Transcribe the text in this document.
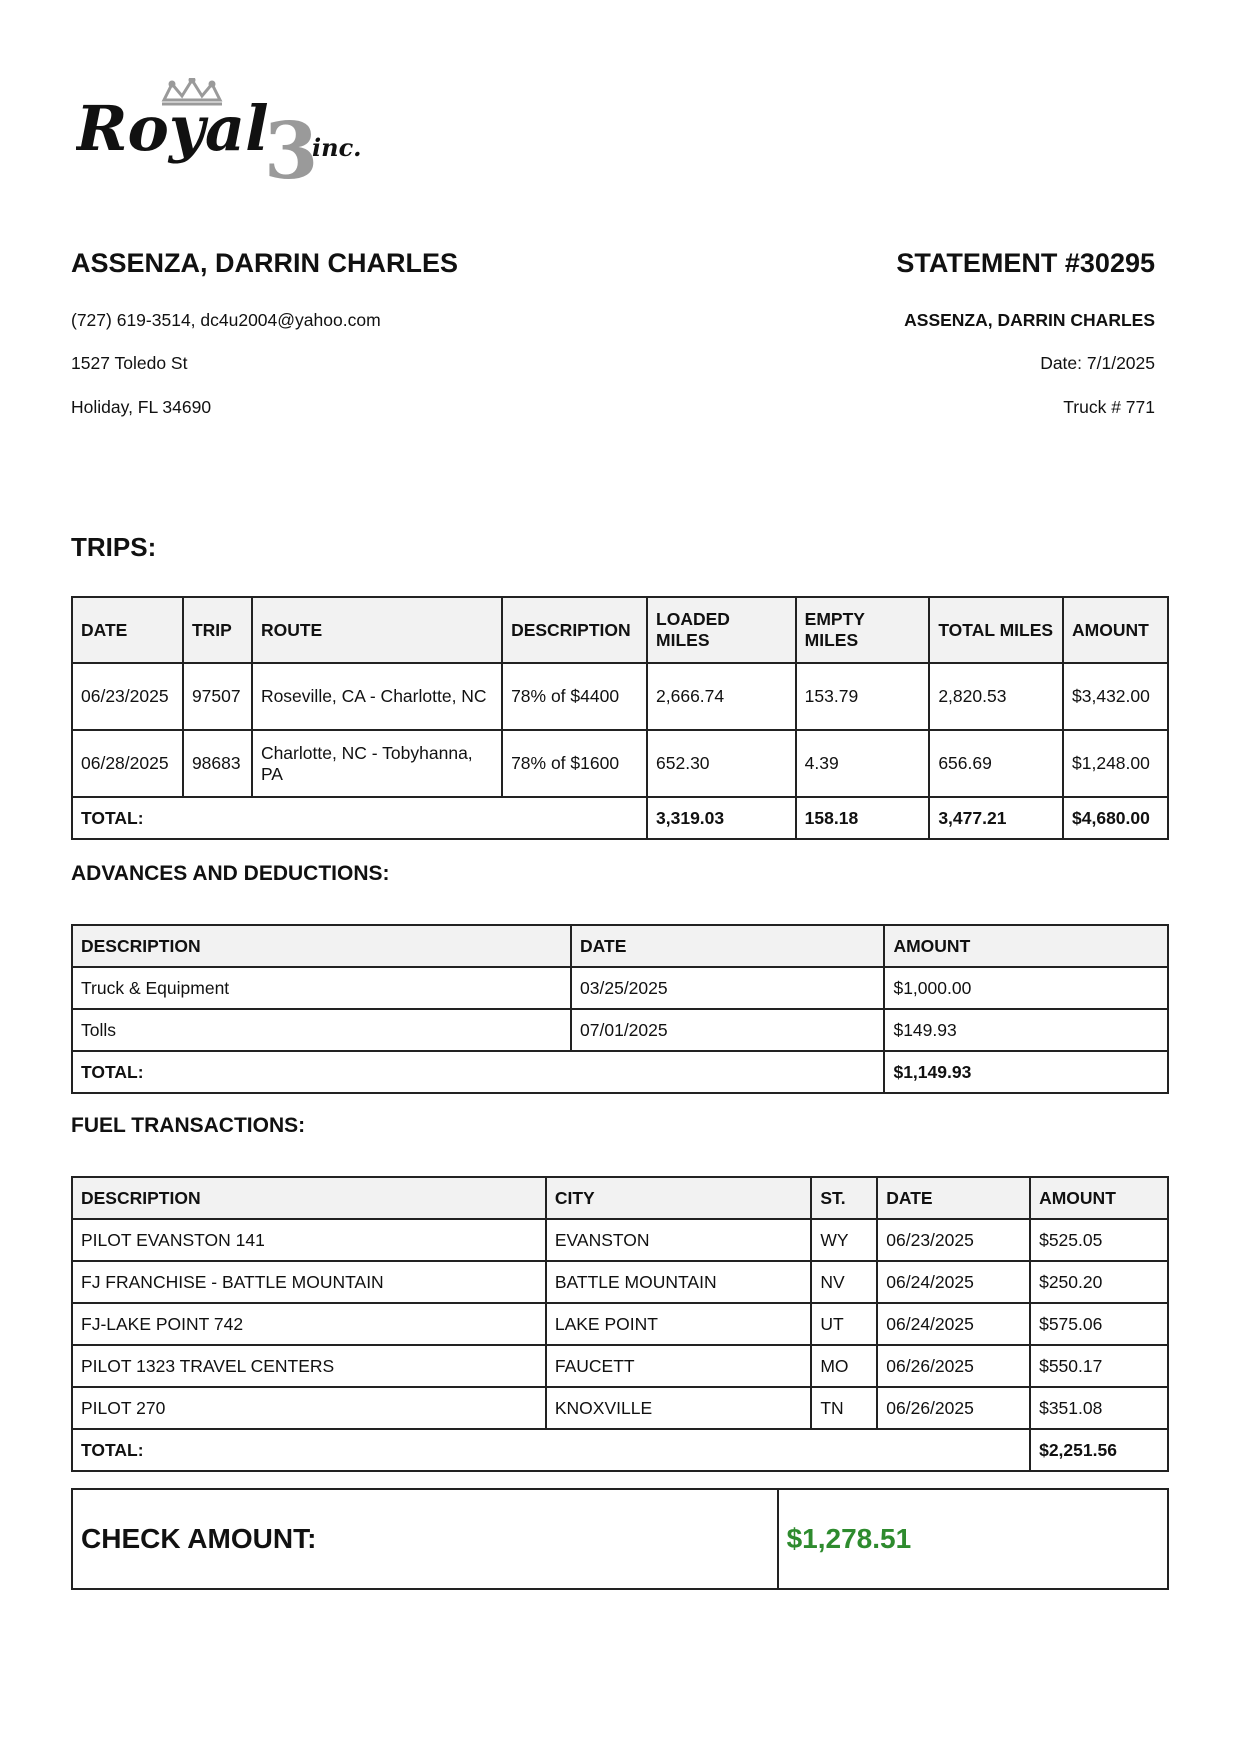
Royal
3
inc.
ASSENZA, DARRIN CHARLES	STATEMENT #30295
(727) 619-3514, dc4u2004@yahoo.com
1527 Toledo St
Holiday, FL 34690
ASSENZA, DARRIN CHARLES
Date: 7/1/2025
Truck # 771
TRIPS:
DATE	TRIP	ROUTE	DESCRIPTION	LOADED MILES	EMPTY MILES	TOTAL MILES	AMOUNT
06/23/2025	97507	Roseville, CA - Charlotte, NC	78% of $4400	2,666.74	153.79	2,820.53	$3,432.00
06/28/2025	98683	Charlotte, NC - Tobyhanna, PA	78% of $1600	652.30	4.39	656.69	$1,248.00
TOTAL:				3,319.03	158.18	3,477.21	$4,680.00
ADVANCES AND DEDUCTIONS:
DESCRIPTION	DATE	AMOUNT
Truck & Equipment	03/25/2025	$1,000.00
Tolls	07/01/2025	$149.93
TOTAL:		$1,149.93
FUEL TRANSACTIONS:
DESCRIPTION	CITY	ST.	DATE	AMOUNT
PILOT EVANSTON 141	EVANSTON	WY	06/23/2025	$525.05
FJ FRANCHISE - BATTLE MOUNTAIN	BATTLE MOUNTAIN	NV	06/24/2025	$250.20
FJ-LAKE POINT 742	LAKE POINT	UT	06/24/2025	$575.06
PILOT 1323 TRAVEL CENTERS	FAUCETT	MO	06/26/2025	$550.17
PILOT 270	KNOXVILLE	TN	06/26/2025	$351.08
TOTAL:				$2,251.56
CHECK AMOUNT:	$1,278.51
